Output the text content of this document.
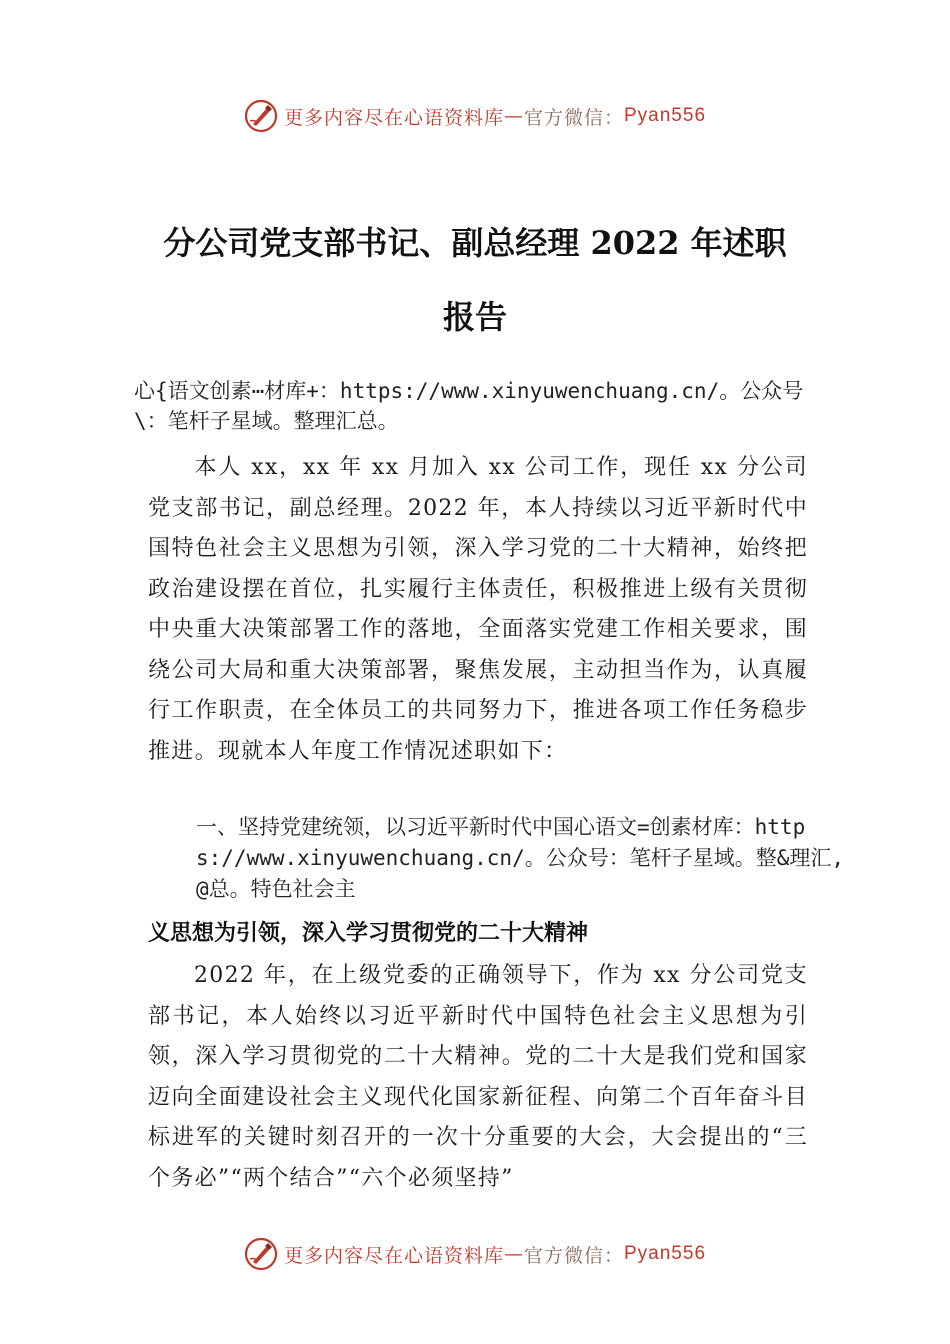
更多内容尽在心语资料库 — 官方微信： Pyan556
分公司党支部书记、副总经理 2022 年述职
报告
心{语文创素⋯材库+：https://www.xinyuwenchuang.cn/。公众号\：笔杆子星域。整理汇总。
本人 xx，xx 年 xx 月加入 xx 公司工作，现任 xx 分公司党支部书记，副总经理。2022 年，本人持续以习近平新时代中国特色社会主义思想为引领，深入学习党的二十大精神，始终把政治建设摆在首位，扎实履行主体责任，积极推进上级有关贯彻中央重大决策部署工作的落地，全面落实党建工作相关要求，围绕公司大局和重大决策部署，聚焦发展，主动担当作为，认真履行工作职责，在全体员工的共同努力下，推进各项工作任务稳步推进。现就本人年度工作情况述职如下：
一、坚持党建统领，以习近平新时代中国心语文=创素材库：https://www.xinyuwenchuang.cn/。公众号：笔杆子星域。整&理汇,@总。特色社会主
义思想为引领，深入学习贯彻党的二十大精神
2022 年，在上级党委的正确领导下，作为 xx 分公司党支部书记，本人始终以习近平新时代中国特色社会主义思想为引领，深入学习贯彻党的二十大精神。党的二十大是我们党和国家迈向全面建设社会主义现代化国家新征程、向第二个百年奋斗目标进军的关键时刻召开的一次十分重要的大会，大会提出的“三个务必”“两个结合”“六个必须坚持”
更多内容尽在心语资料库 — 官方微信： Pyan556
